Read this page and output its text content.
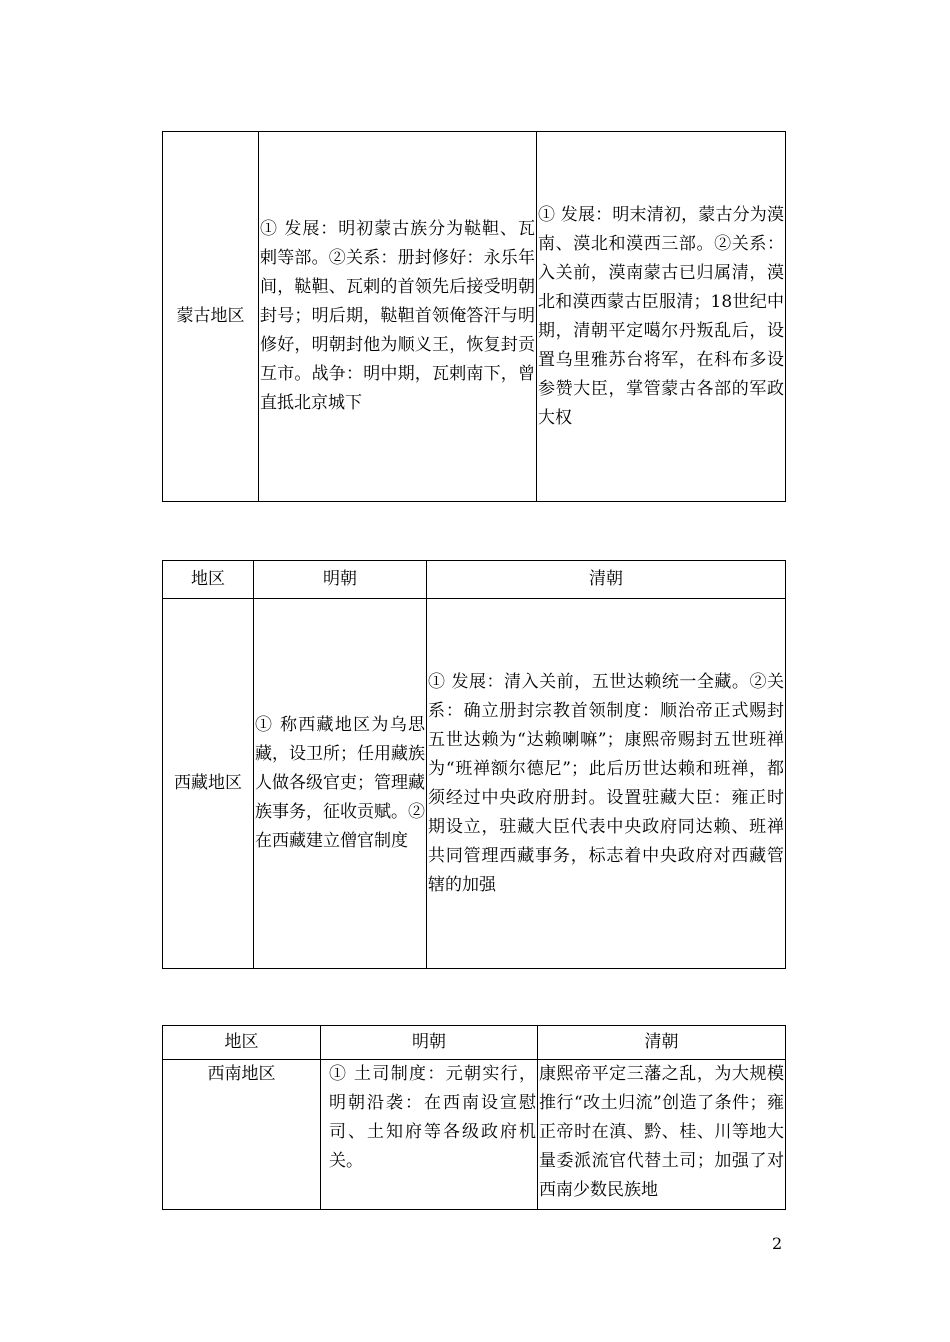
蒙古地区	① 发展：明初蒙古族分为鞑靼、瓦剌等部。②关系：册封修好：永乐年间，鞑靼、瓦剌的首领先后接受明朝封号；明后期，鞑靼首领俺答汗与明修好，明朝封他为顺义王，恢复封贡互市。战争：明中期，瓦剌南下，曾直抵北京城下	① 发展：明末清初，蒙古分为漠南、漠北和漠西三部。②关系：入关前，漠南蒙古已归属清，漠北和漠西蒙古臣服清；18世纪中期，清朝平定噶尔丹叛乱后，设置乌里雅苏台将军，在科布多设参赞大臣，掌管蒙古各部的军政大权
地区	明朝	清朝
西藏地区	① 称西藏地区为乌思藏，设卫所；任用藏族人做各级官吏；管理藏族事务，征收贡赋。②在西藏建立僧官制度	① 发展：清入关前，五世达赖统一全藏。②关系：确立册封宗教首领制度：顺治帝正式赐封五世达赖为“达赖喇嘛”；康熙帝赐封五世班禅为“班禅额尔德尼”；此后历世达赖和班禅，都须经过中央政府册封。设置驻藏大臣：雍正时期设立，驻藏大臣代表中央政府同达赖、班禅共同管理西藏事务，标志着中央政府对西藏管辖的加强
地区	明朝	清朝
西南地区	① 土司制度：元朝实行，明朝沿袭：在西南设宣慰司、土知府等各级政府机关。	康熙帝平定三藩之乱，为大规模推行“改土归流”创造了条件；雍正帝时在滇、黔、桂、川等地大量委派流官代替土司；加强了对西南少数民族地
2
